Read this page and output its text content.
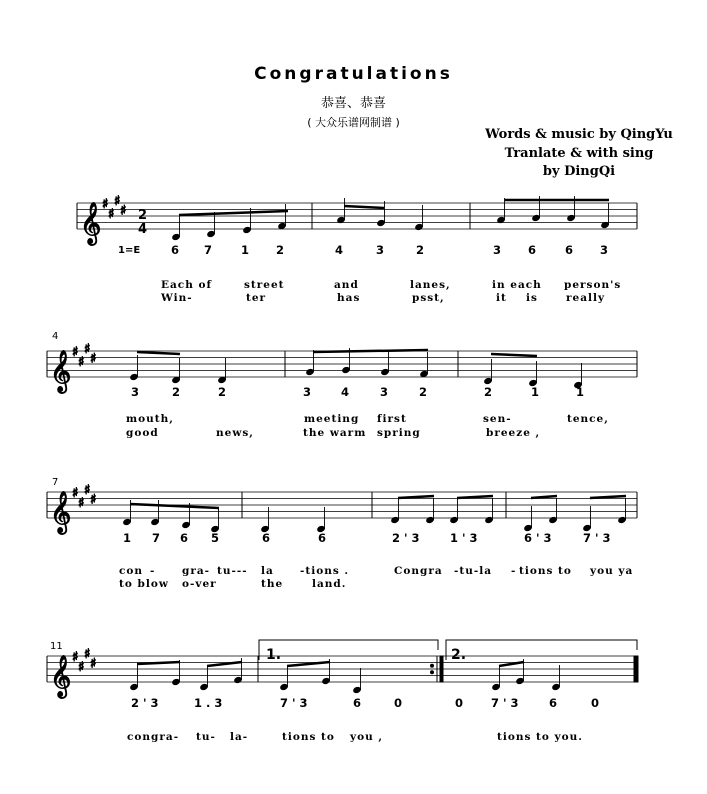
Congratulations
恭喜、恭喜
( 大众乐谱网制谱 )
Words & music by QingYu
Tranlate & with sing
by DingQi
𝄞 ♯
♯
♯
♯
𝄞 ♯
♯
♯
♯
𝄞 ♯
♯
♯
♯
𝄞 ♯
♯
♯
♯
1=E
2
4
4
7
11
1.	2.
6 7	1 2	4	3	2	3 6	6 3
Each of	street	and	lanes,	in each person's
Win-	ter	has	psst,	it is	really
3	2	2	3	4	3	2	2	1	1
mouth,	meeting first	sen-	tence,
good	news,	the warm spring	breeze ,
1 7 6 5	6	6	2 ' 3	1 ' 3	6 ' 3	7 ' 3
con -	gra- tu--- la -tions .	Congra -tu-la - tions to you ya
to blow o-ver	the	land.
2 ' 3	1 . 3	7 ' 3	6	0	0 7 ' 3	6	0
congra- tu- la-	tions to you ,	tions to you.
